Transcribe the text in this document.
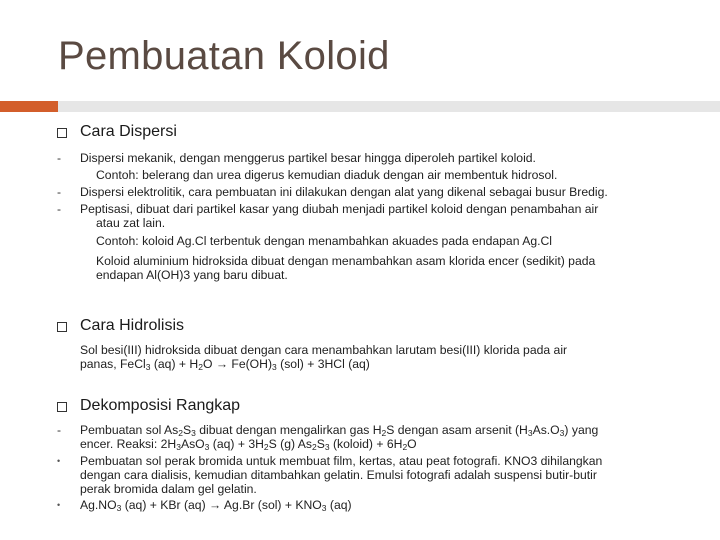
Pembuatan Koloid
Cara Dispersi
-	Dispersi mekanik, dengan menggerus partikel besar hingga diperoleh partikel koloid.
Contoh: belerang dan urea digerus kemudian diaduk dengan air membentuk hidrosol.
-	Dispersi elektrolitik, cara pembuatan ini dilakukan dengan alat yang dikenal sebagai busur Bredig.
-	Peptisasi, dibuat dari partikel kasar yang diubah menjadi partikel koloid dengan penambahan air
atau zat lain.
Contoh: koloid Ag.Cl terbentuk dengan menambahkan akuades pada endapan Ag.Cl
Koloid aluminium hidroksida dibuat dengan menambahkan asam klorida encer (sedikit) pada
endapan Al(OH)3 yang baru dibuat.
Cara Hidrolisis
Sol besi(III) hidroksida dibuat dengan cara menambahkan larutam besi(III) klorida pada air
panas, FeCl$_3$ $(aq) + H_2O \to Fe(OH)_3$ (sol) + 3HCl (aq)
Dekomposisi Rangkap
-	Pembuatan sol $As_2S_3$ dibuat dengan mengalirkan gas $H_2S$ dengan asam arsenit $(H_3As.O_3)$ yang
encer. Reaksi: $2H_3AsO_3$ $(aq) + 3H_2S$ (g) $As_2S_3$ (koloid) + $6H_2O$
•	Pembuatan sol perak bromida untuk membuat film, kertas, atau peat fotografi. KNO3 dihilangkan
dengan cara dialisis, kemudian ditambahkan gelatin. Emulsi fotografi adalah suspensi butir-butir
perak bromida dalam gel gelatin.
•	$Ag.NO_3$ (aq) + KBr (aq) → Ag.Br $(sol) + KNO_3$ (aq)
